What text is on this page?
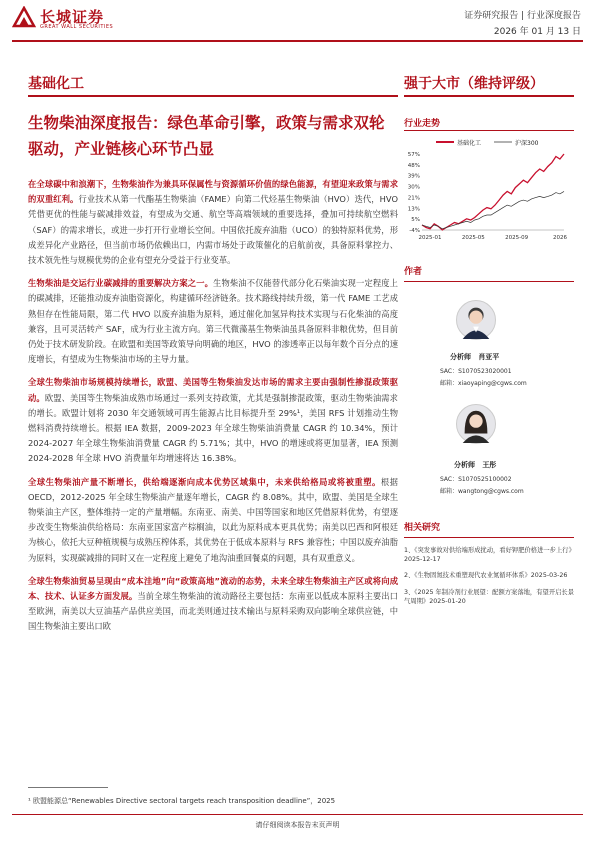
长城证券
GREAT WALL SECURITIES
证券研究报告 | 行业深度报告
2026 年 01 月 13 日
基础化工	强于大市（维持评级）
生物柴油深度报告：绿色革命引擎，政策与需求双轮驱动，产业链核心环节凸显

在全球碳中和浪潮下，生物柴油作为兼具环保属性与资源循环价值的绿色能源，有望迎来政策与需求的双重红利。行业技术从第一代酯基生物柴油（FAME）向第二代烃基生物柴油（HVO）迭代，HVO 凭借更优的性能与碳减排效益，有望成为交通、航空等高端领域的重要选择，叠加可持续航空燃料（SAF）的需求增长，或进一步打开行业增长空间。中国依托废弃油脂（UCO）的独特原料优势，形成差异化产业路径，但当前市场仍依赖出口，内需市场处于政策催化的启航前夜，具备原料掌控力、技术领先性与规模优势的企业有望充分受益于行业变革。

生物柴油是交运行业碳减排的重要解决方案之一。生物柴油不仅能替代部分化石柴油实现一定程度上的碳减排，还能推动废弃油脂资源化，构建循环经济链条。技术路线持续升级，第一代 FAME 工艺成熟但存在性能局限，第二代 HVO 以废弃油脂为原料，通过催化加氢异构技术实现与石化柴油的高度兼容，且可灵活转产 SAF，成为行业主流方向。第三代微藻基生物柴油虽具备原料非粮优势，但目前仍处于技术研发阶段。在欧盟和美国等政策导向明确的地区，HVO 的渗透率正以每年数个百分点的速度增长，有望成为生物柴油市场的主导力量。

全球生物柴油市场规模持续增长，欧盟、美国等生物柴油发达市场的需求主要由强制性掺混政策驱动。欧盟、美国等生物柴油成熟市场通过一系列支持政策，尤其是强制掺混政策，驱动生物柴油需求的增长。欧盟计划将 2030 年交通领域可再生能源占比目标提升至 29%¹，美国 RFS 计划推动生物燃料消费持续增长。根据 IEA 数据，2009-2023 年全球生物柴油消费量 CAGR 约 10.34%，预计 2024-2027 年全球生物柴油消费量 CAGR 约 5.71%；其中，HVO 的增速或将更加显著，IEA 预测 2024-2028 年全球 HVO 消费量年均增速将达 16.38%。

全球生物柴油产量不断增长，供给端逐渐向成本优势区域集中，未来供给格局或将被重塑。根据 OECD，2012-2025 年全球生物柴油产量逐年增长，CAGR 约 8.08%。其中，欧盟、美国是全球生物柴油主产区，整体维持一定的产量增幅。东南亚、南美、中国等国家和地区凭借原料优势，有望逐步改变生物柴油供给格局：东南亚国家富产棕榈油，以此为原料成本更具优势；南美以巴西和阿根廷为核心，依托大豆种植规模与成熟压榨体系，其优势在于低成本原料与 RFS 兼容性；中国以废弃油脂为原料，实现碳减排的同时又在一定程度上避免了地沟油重回餐桌的问题，具有双重意义。

全球生物柴油贸易呈现由“成本洼地”向“政策高地”流动的态势，未来全球生物柴油主产区或将向成本、技术、认证多方面发展。当前全球生物柴油的流动路径主要包括：东南亚以低成本原料主要出口至欧洲，南美以大豆油基产品供应美国，而北美则通过技术输出与原料采购双向影响全球供应链，中国生物柴油主要出口欧

行业走势
基础化工	沪深300
57%
48%
39%
30%
21%
13%
5%
-4%
2025-01	2025-05	2025-09	2026
作者
分析师 肖亚平
SAC：S1070523020001
邮箱：xiaoyaping@cgws.com
分析师 王彤
SAC：S1070525100002
邮箱：wangtong@cgws.com
相关研究
1、《突发事故对供给端形成扰动，看好钾肥价格进一步上行》2025-12-17
2、《生物固氮技术重塑现代农业氮循环体系》2025-03-26
3、《2025 年制冷剂行业展望：配额方案落地，有望开启长景气周期》2025-01-20
¹ 欧盟能源总“Renewables Directive sectoral targets reach transposition deadline”，2025
请仔细阅读本报告末页声明
